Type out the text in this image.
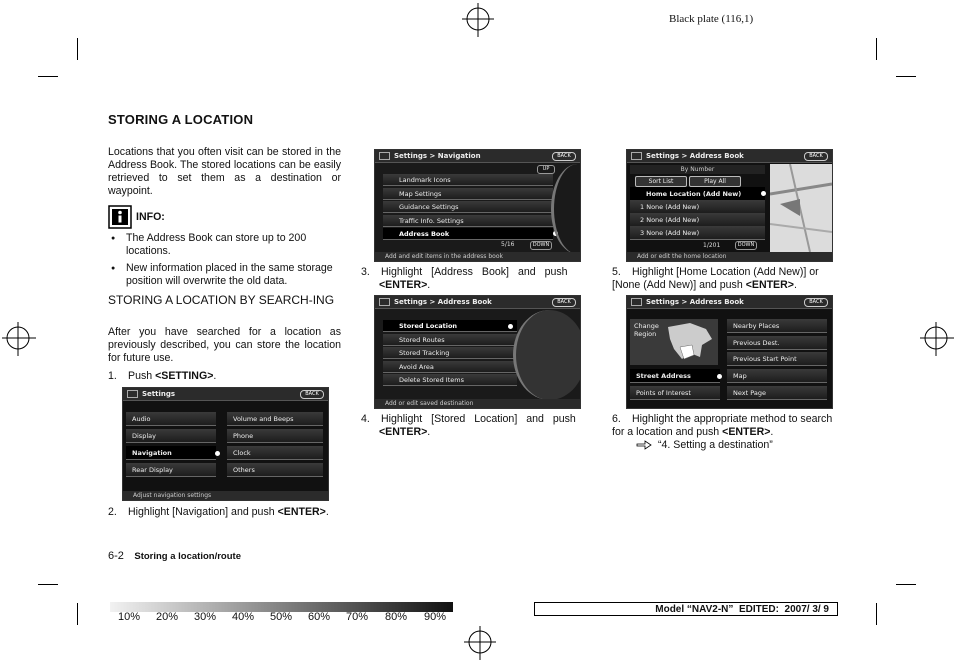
Black plate (116,1)
STORING A LOCATION

Locations that you often visit can be stored in the Address Book. The stored locations can be easily retrieved to set them as a destination or waypoint.

INFO:
● The Address Book can store up to 200 locations.
● New information placed in the same storage position will overwrite the old data.
STORING A LOCATION BY SEARCH-ING

After you have searched for a location as previously described, you can store the location for future use.

1. Push <SETTING>.
Settings	BACK
Audio
Display
Navigation
Rear Display
Volume and Beeps
Phone
Clock
Others
Adjust navigation settings
2. Highlight [Navigation] and push <ENTER>.
Settings > Navigation	BACK
UP
Landmark Icons
Map Settings
Guidance Settings
Traffic Info. Settings
Address Book
5/16	DOWN
Add and edit items in the address book
3. Highlight [Address Book] and push
<ENTER>.
Settings > Address Book	BACK
Stored Location
Stored Routes
Stored Tracking
Avoid Area
Delete Stored Items
Add or edit saved destination
4. Highlight [Stored Location] and push
<ENTER>.
Settings > Address Book	BACK
By Number
Sort List	Play All
Home Location (Add New)
1 None (Add New)
2 None (Add New)
3 None (Add New)
1/201	DOWN
Add or edit the home location
5. Highlight [Home Location (Add New)] or [None (Add New)] and push <ENTER>.
Settings > Address Book	BACK
Change Region
Street Address
Points of Interest
Nearby Places
Previous Dest.
Previous Start Point
Map
Next Page
6. Highlight the appropriate method to search for a location and push <ENTER>.
“4. Setting a destination”
6-2 Storing a location/route
10% 20% 30% 40% 50% 60% 70% 80% 90%
Model “NAV2-N”  EDITED:  2007/ 3/ 9
